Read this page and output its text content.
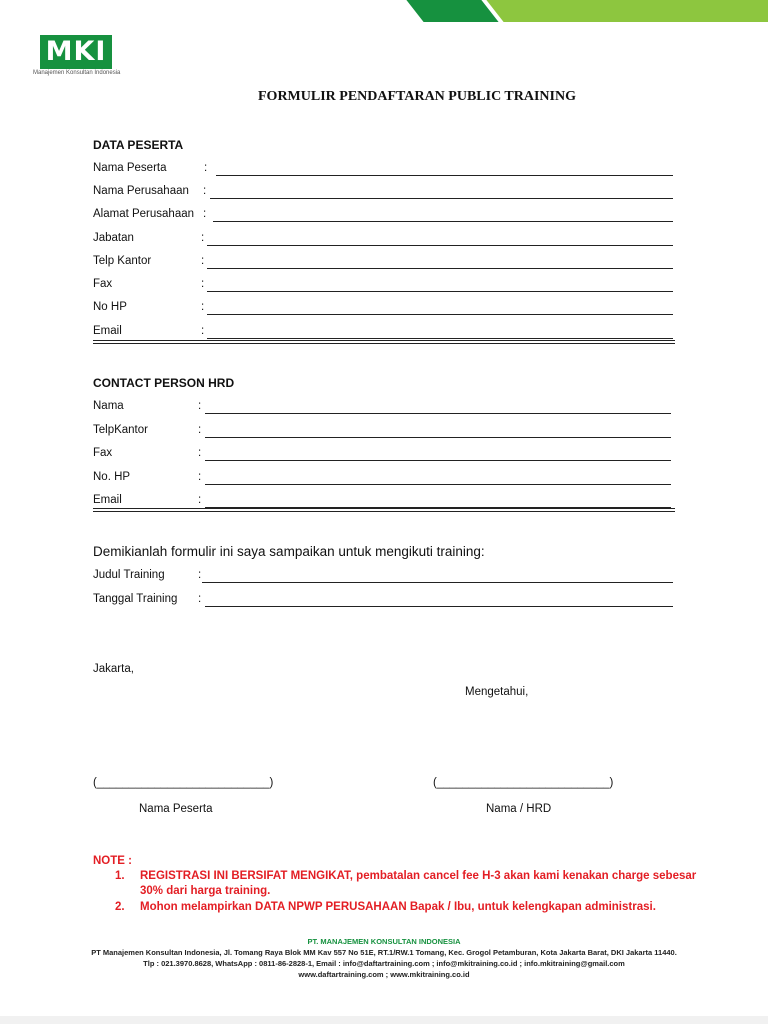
MKI
Manajemen Konsultan Indonesia
FORMULIR PENDAFTARAN PUBLIC TRAINING
DATA PESERTA
Nama Peserta	:
Nama Perusahaan :
Alamat Perusahaan :
Jabatan	:
Telp Kantor	:
Fax	:
No HP	:
Email	:
CONTACT PERSON HRD
Nama	:
TelpKantor	:
Fax	:
No. HP	:
Email	:
Demikianlah formulir ini saya sampaikan untuk mengikuti training:
Judul Training	:
Tanggal Training :
Jakarta,
Mengetahui,
(___________________________)	(___________________________)
Nama Peserta	Nama / HRD
NOTE :
1. REGISTRASI INI BERSIFAT MENGIKAT, pembatalan cancel fee H-3 akan kami kenakan charge sebesar
30% dari harga training.
2. Mohon melampirkan DATA NPWP PERUSAHAAN Bapak / Ibu, untuk kelengkapan administrasi.
PT. MANAJEMEN KONSULTAN INDONESIA
PT Manajemen Konsultan Indonesia, Jl. Tomang Raya Blok MM Kav 557 No 51E, RT.1/RW.1 Tomang, Kec. Grogol Petamburan, Kota Jakarta Barat, DKI Jakarta 11440.
Tlp : 021.3970.8628, WhatsApp : 0811-86-2828-1, Email : info@daftartraining.com ; info@mkitraining.co.id ; info.mkitraining@gmail.com
www.daftartraining.com ; www.mkitraining.co.id
